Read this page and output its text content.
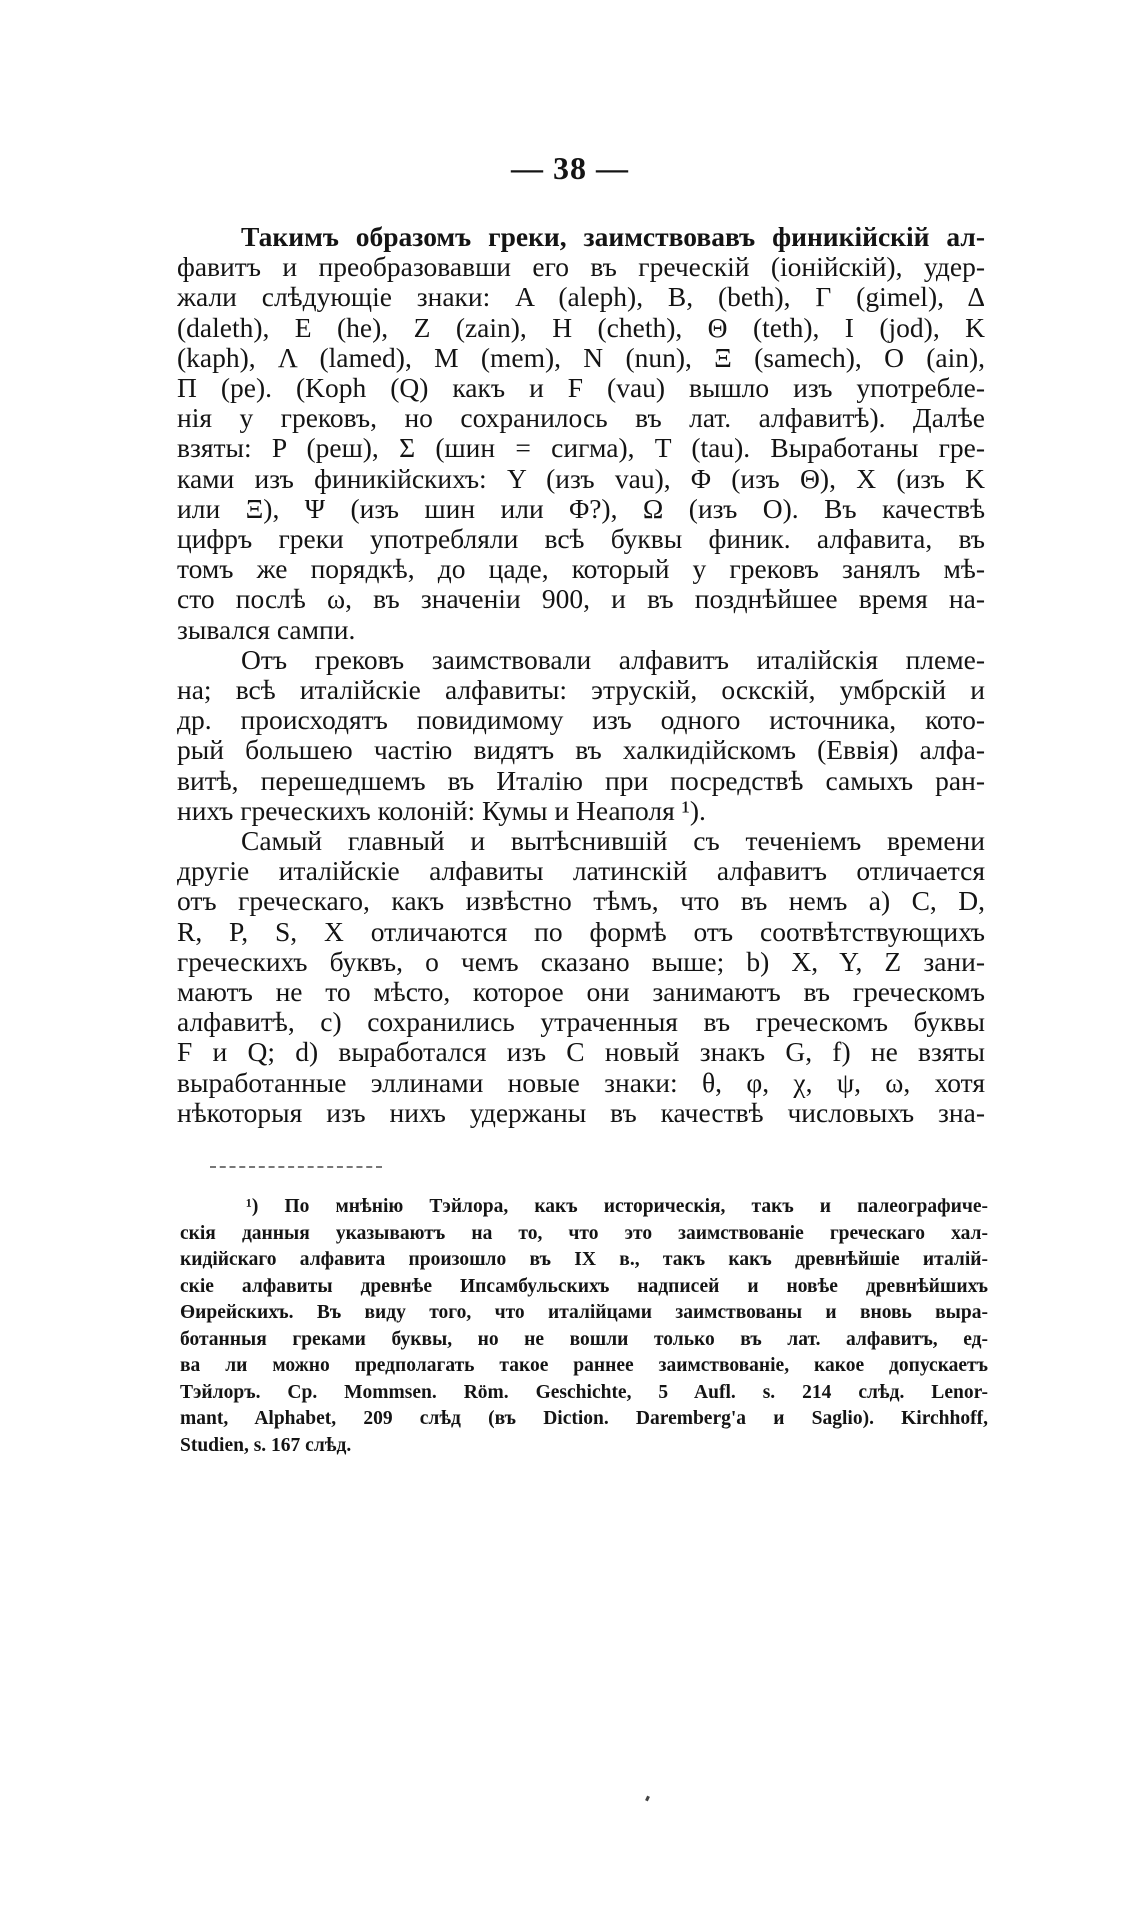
— 38 —
Такимъ образомъ греки, заимствовавъ финикійскій ал-
фавитъ и преобразовавши его въ греческій (іонійскій), удер-
жали слѣдующіе знаки: A (aleph), B, (beth), Γ (gimel), Δ
(daleth), E (he), Z (zain), H (cheth), Θ (teth), I (jod), K
(kaph), Λ (lamed), M (mem), N (nun), Ξ (samech), O (ain),
Π (pe). (Koph (Q) какъ и Ϝ (vau) вышло изъ употребле-
нія у грековъ, но сохранилось въ лат. алфавитѣ). Далѣе
взяты: P (реш), Σ (шин = сигма), T (tau). Выработаны гре-
ками изъ финикійскихъ: Y (изъ vau), Φ (изъ Θ), X (изъ K
или Ξ), Ψ (изъ шин или Φ?), Ω (изъ O). Въ качествѣ
цифръ греки употребляли всѣ буквы финик. алфавита, въ
томъ же порядкѣ, до цаде, который у грековъ занялъ мѣ-
сто послѣ ω, въ значеніи 900, и въ позднѣйшее время на-
зывался сампи.
Отъ грековъ заимствовали алфавитъ италійскія племе-
на; всѣ италійскіе алфавиты: этрускій, оскскій, умбрскій и
др. происходятъ повидимому изъ одного источника, кото-
рый большею частію видятъ въ халкидійскомъ (Еввія) алфа-
витѣ, перешедшемъ въ Италію при посредствѣ самыхъ ран-
нихъ греческихъ колоній: Кумы и Неаполя ¹).
Самый главный и вытѣснившій съ теченіемъ времени
другіе италійскіе алфавиты латинскій алфавитъ отличается
отъ греческаго, какъ извѣстно тѣмъ, что въ немъ a) C, D,
R, P, S, X отличаются по формѣ отъ соотвѣтствующихъ
греческихъ буквъ, о чемъ сказано выше; b) X, Y, Z зани-
маютъ не то мѣсто, которое они занимаютъ въ греческомъ
алфавитѣ, c) сохранились утраченныя въ греческомъ буквы
Ϝ и Q; d) выработался изъ C новый знакъ G, f) не взяты
выработанные эллинами новые знаки: θ, φ, χ, ψ, ω, хотя
нѣкоторыя изъ нихъ удержаны въ качествѣ числовыхъ зна-
¹) По мнѣнію Тэйлора, какъ историческія, такъ и палеографиче-
скія данныя указываютъ на то, что это заимствованіе греческаго хал-
кидійскаго алфавита произошло въ IX в., такъ какъ древнѣйшіе италій-
скіе алфавиты древнѣе Ипсамбульскихъ надписей и новѣе древнѣйшихъ
Өирейскихъ. Въ виду того, что италійцами заимствованы и вновь выра-
ботанныя греками буквы, но не вошли только въ лат. алфавитъ, ед-
ва ли можно предполагать такое раннее заимствованіе, какое допускаетъ
Тэйлоръ. Cp. Mommsen. Röm. Geschichte, 5 Aufl. s. 214 слѣд. Lenor-
mant, Alphabet, 209 слѣд (въ Diction. Daremberg'a и Saglio). Kirchhoff,
Studien, s. 167 слѣд.
